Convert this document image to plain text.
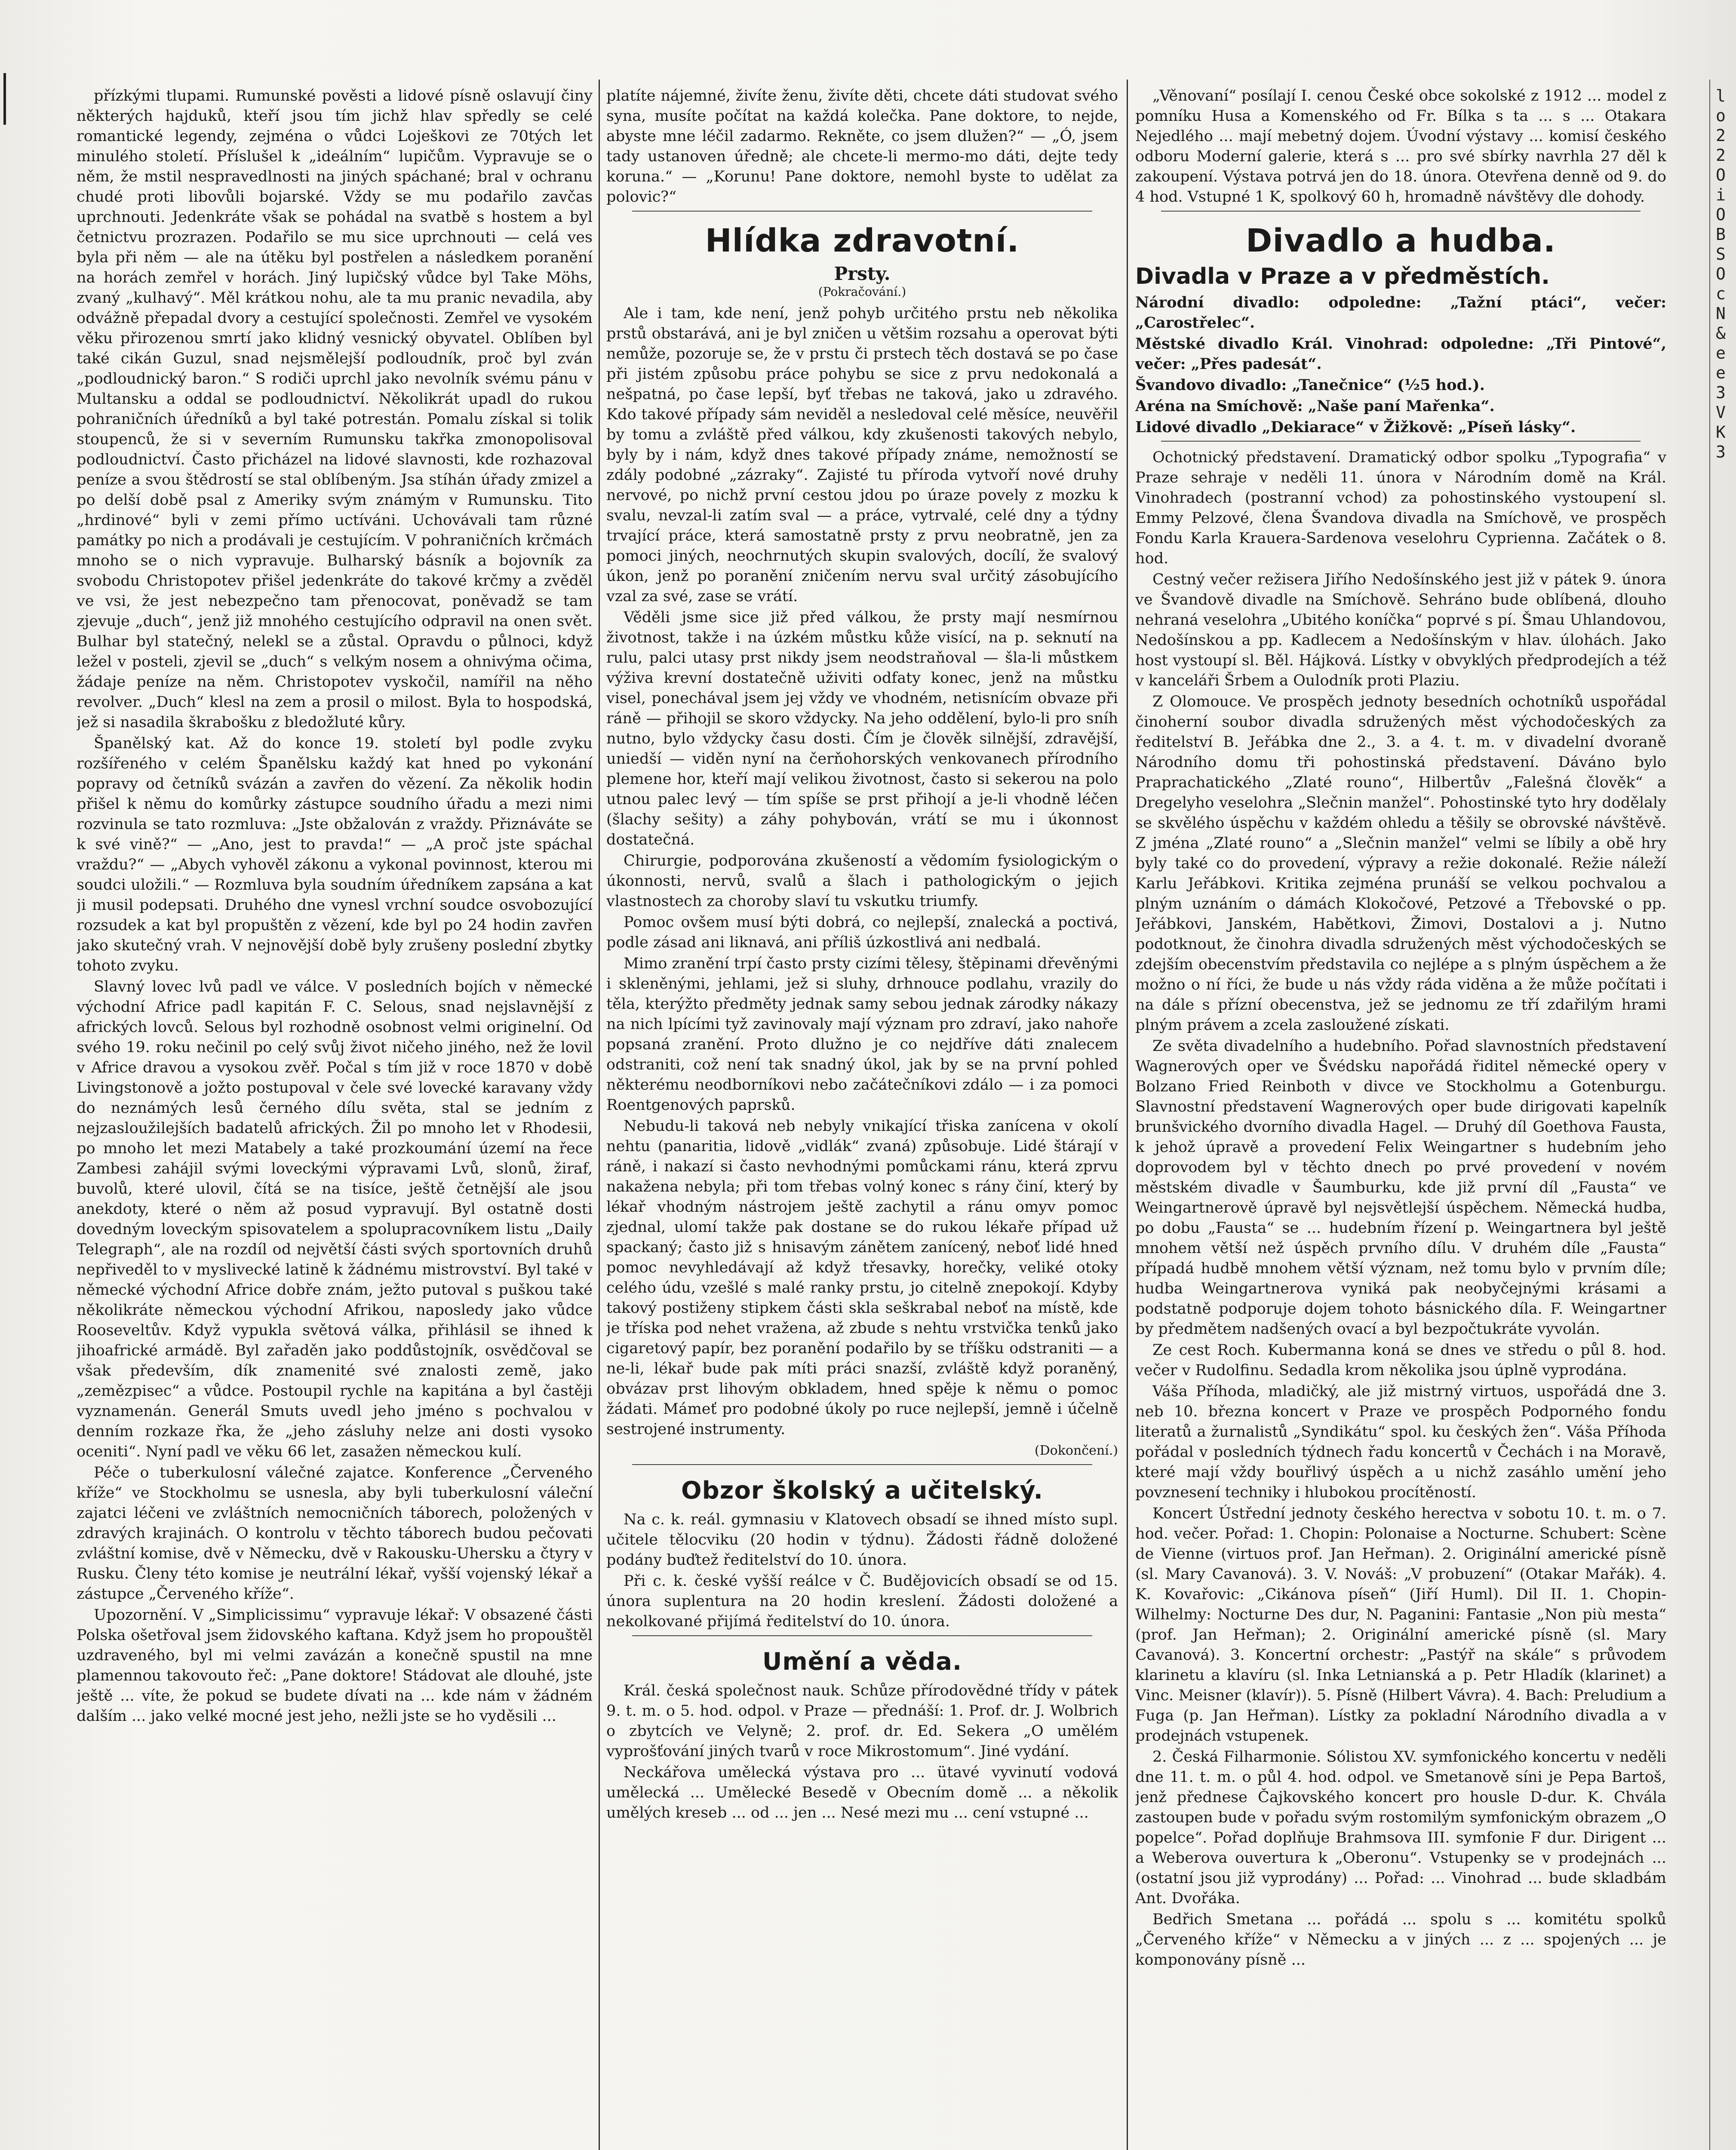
přízkými tlupami. Rumunské pověsti a lidové písně oslavují činy některých hajduků, kteří jsou tím jichž hlav spředly se celé romantické legendy, zejména o vůdci Loješkovi ze 70tých let minulého století. Příslušel k „ideálním“ lupičům. Vypravuje se o něm, že mstil nespravedlnosti na jiných spáchané; bral v ochranu chudé proti libovůli bojarské. Vždy se mu podařilo zavčas uprchnouti. Jedenkráte však se pohádal na svatbě s hostem a byl četnictvu prozrazen. Podařilo se mu sice uprchnouti — celá ves byla při něm — ale na útěku byl postřelen a následkem poranění na horách zemřel v horách. Jiný lupičský vůdce byl Take Möhs, zvaný „kulhavý“. Měl krátkou nohu, ale ta mu pranic nevadila, aby odvážně přepadal dvory a cestující společnosti. Zemřel ve vysokém věku přirozenou smrtí jako klidný vesnický obyvatel. Oblíben byl také cikán Guzul, snad nejsmělejší podloudník, proč byl zván „podloudnický baron.“ S rodiči uprchl jako nevolník svému pánu v Multansku a oddal se podloudnictví. Několikrát upadl do rukou pohraničních úředníků a byl také potrestán. Pomalu získal si tolik stoupenců, že si v severním Rumunsku takřka zmonopolisoval podloudnictví. Často přicházel na lidové slavnosti, kde rozhazoval peníze a svou štědrostí se stal oblíbeným. Jsa stíhán úřady zmizel a po delší době psal z Ameriky svým známým v Rumunsku. Tito „hrdinové“ byli v zemi přímo uctíváni. Uchovávali tam různé památky po nich a prodávali je cestujícím. V pohraničních krčmách mnoho se o nich vypravuje. Bulharský básník a bojovník za svobodu Christopotev přišel jedenkráte do takové krčmy a zvěděl ve vsi, že jest nebezpečno tam přenocovat, poněvadž se tam zjevuje „duch“, jenž již mnohého cestujícího odpravil na onen svět. Bulhar byl statečný, nelekl se a zůstal. Opravdu o půlnoci, když ležel v posteli, zjevil se „duch“ s velkým nosem a ohnivýma očima, žádaje peníze na něm. Christopotev vyskočil, namířil na něho revolver. „Duch“ klesl na zem a prosil o milost. Byla to hospodská, jež si nasadila škrabošku z bledožluté kůry.

Španělský kat. Až do konce 19. století byl podle zvyku rozšířeného v celém Španělsku každý kat hned po vykonání popravy od četníků svázán a zavřen do vězení. Za několik hodin přišel k němu do komůrky zástupce soudního úřadu a mezi nimi rozvinula se tato rozmluva: „Jste obžalován z vraždy. Přiznáváte se k své vině?“ — „Ano, jest to pravda!“ — „A proč jste spáchal vraždu?“ — „Abych vyhověl zákonu a vykonal povinnost, kterou mi soudci uložili.“ — Rozmluva byla soudním úředníkem zapsána a kat ji musil podepsati. Druhého dne vynesl vrchní soudce osvobozující rozsudek a kat byl propuštěn z vězení, kde byl po 24 hodin zavřen jako skutečný vrah. V nejnovější době byly zrušeny poslední zbytky tohoto zvyku.

Slavný lovec lvů padl ve válce. V posledních bojích v německé východní Africe padl kapitán F. C. Selous, snad nejslavnější z afrických lovců. Selous byl rozhodně osobnost velmi originelní. Od svého 19. roku nečinil po celý svůj život ničeho jiného, než že lovil v Africe dravou a vysokou zvěř. Počal s tím již v roce 1870 v době Livingstonově a jožto postupoval v čele své lovecké karavany vždy do neznámých lesů černého dílu světa, stal se jedním z nejzasloužilejších badatelů afrických. Žil po mnoho let v Rhodesii, po mnoho let mezi Matabely a také prozkoumání území na řece Zambesi zahájil svými loveckými výpravami Lvů, slonů, žiraf, buvolů, které ulovil, čítá se na tisíce, ještě četnější ale jsou anekdoty, které o něm až posud vypravují. Byl ostatně dosti dovedným loveckým spisovatelem a spolupracovníkem listu „Daily Telegraph“, ale na rozdíl od největší části svých sportovních druhů nepřiveděl to v myslivecké latině k žádnému mistrovství. Byl také v německé východní Africe dobře znám, ježto putoval s puškou také několikráte německou východní Afrikou, naposledy jako vůdce Rooseveltův. Když vypukla světová válka, přihlásil se ihned k jihoafrické armádě. Byl zařaděn jako poddůstojník, osvědčoval se však především, dík znamenité své znalosti země, jako „zemězpisec“ a vůdce. Postoupil rychle na kapitána a byl častěji vyznamenán. Generál Smuts uvedl jeho jméno s pochvalou v denním rozkaze řka, že „jeho zásluhy nelze ani dosti vysoko oceniti“. Nyní padl ve věku 66 let, zasažen německou kulí.

Péče o tuberkulosní válečné zajatce. Konference „Červeného kříže“ ve Stockholmu se usnesla, aby byli tuberkulosní váleční zajatci léčeni ve zvláštních nemocničních táborech, položených v zdravých krajinách. O kontrolu v těchto táborech budou pečovati zvláštní komise, dvě v Německu, dvě v Rakousku-Uhersku a čtyry v Rusku. Členy této komise je neutrální lékař, vyšší vojenský lékař a zástupce „Červeného kříže“.

Upozornění. V „Simplicissimu“ vypravuje lékař: V obsazené části Polska ošetřoval jsem židovského kaftana. Když jsem ho propouštěl uzdraveného, byl mi velmi zavázán a konečně spustil na mne plamennou takovouto řeč: „Pane doktore! Stádovat ale dlouhé, jste ještě ... víte, že pokud se budete dívati na ... kde nám v žádném dalším ... jako velké mocné jest jeho, nežli jste se ho vyděsili ...

platíte nájemné, živíte ženu, živíte děti, chcete dáti studovat svého syna, musíte počítat na každá kolečka. Pane doktore, to nejde, abyste mne léčil zadarmo. Rekněte, co jsem dlužen?“ — „Ó, jsem tady ustanoven úředně; ale chcete-li mermo-mo dáti, dejte tedy koruna.“ — „Korunu! Pane doktore, nemohl byste to udělat za polovic?“

Hlídka zdravotní.
Prsty.
(Pokračování.)

Ale i tam, kde není, jenž pohyb určitého prstu neb několika prstů obstarává, ani je byl zničen u většim rozsahu a operovat býti nemůže, pozoruje se, že v prstu či prstech těch dostavá se po čase při jistém způsobu práce pohybu se sice z prvu nedokonalá a nešpatná, po čase lepší, byť třebas ne taková, jako u zdravého. Kdo takové případy sám neviděl a nesledoval celé měsíce, neuvěřil by tomu a zvláště před válkou, kdy zkušenosti takových nebylo, byly by i nám, když dnes takové případy známe, nemožností se zdály podobné „zázraky“. Zajisté tu příroda vytvoří nové druhy nervové, po nichž první cestou jdou po úraze povely z mozku k svalu, nevzal-li zatím sval — a práce, vytrvalé, celé dny a týdny trvající práce, která samostatně prsty z prvu neobratně, jen za pomoci jiných, neochrnutých skupin svalových, docílí, že svalový úkon, jenž po poranění zničením nervu sval určitý zásobujícího vzal za své, zase se vrátí.

Věděli jsme sice již před válkou, že prsty mají nesmírnou životnost, takže i na úzkém můstku kůže visící, na p. seknutí na rulu, palci utasy prst nikdy jsem neodstraňoval — šla-li můstkem výživa krevní dostatečně uživiti odfaty konec, jenž na můstku visel, ponechával jsem jej vždy ve vhodném, netisnícím obvaze při ráně — přihojil se skoro vždycky. Na jeho oddělení, bylo-li pro sníh nutno, bylo vždycky času dosti. Čím je člověk silnější, zdravější, uniedší — viděn nyní na čerňohorských venkovanech přírodního plemene hor, kteří mají velikou životnost, často si sekerou na polo utnou palec levý — tím spíše se prst přihojí a je-li vhodně léčen (šlachy sešity) a záhy pohybován, vrátí se mu i úkonnost dostatečná.

Chirurgie, podporována zkušeností a vědomím fysiologickým o úkonnosti, nervů, svalů a šlach i pathologickým o jejich vlastnostech za choroby slaví tu vskutku triumfy.

Pomoc ovšem musí býti dobrá, co nejlepší, znalecká a poctivá, podle zásad ani liknavá, ani příliš úzkostlivá ani nedbalá.

Mimo zranění trpí často prsty cizími tělesy, štěpinami dřevěnými i skleněnými, jehlami, jež si sluhy, drhnouce podlahu, vrazily do těla, kterýžto předměty jednak samy sebou jednak zárodky nákazy na nich lpícími tyž zavinovaly mají význam pro zdraví, jako nahoře popsaná zranění. Proto dlužno je co nejdříve dáti znalecem odstraniti, což není tak snadný úkol, jak by se na první pohled některému neodborníkovi nebo začátečníkovi zdálo — i za pomoci Roentgenových paprsků.

Nebudu-li taková neb nebyly vnikající třiska zanícena v okolí nehtu (panaritia, lidově „vidlák“ zvaná) způsobuje. Lidé štárají v ráně, i nakazí si často nevhodnými pomůckami ránu, která zprvu nakažena nebyla; při tom třebas volný konec s rány činí, který by lékař vhodným nástrojem ještě zachytil a ránu omyv pomoc zjednal, ulomí takže pak dostane se do rukou lékaře případ už spackaný; často již s hnisavým zánětem zanícený, neboť lidé hned pomoc nevyhledávají až když třesavky, horečky, veliké otoky celého údu, vzešlé s malé ranky prstu, jo citelně znepokojí. Kdyby takový postiženy stipkem části skla seškrabal neboť na místě, kde je tříska pod nehet vražena, až zbude s nehtu vrstvička tenků jako cigaretový papír, bez poranění podařilo by se tříšku odstraniti — a ne-li, lékař bude pak míti práci snazší, zvláště když poraněný, obvázav prst lihovým obkladem, hned spěje k němu o pomoc žádati. Mámeť pro podobné úkoly po ruce nejlepší, jemně i účelně sestrojené instrumenty.

(Dokončení.)
Obzor školský a učitelský.

Na c. k. reál. gymnasiu v Klatovech obsadí se ihned místo supl. učitele tělocviku (20 hodin v týdnu). Žádosti řádně doložené podány buďtež ředitelství do 10. února.

Při c. k. české vyšší reálce v Č. Budějovicích obsadí se od 15. února suplentura na 20 hodin kreslení. Žádosti doložené a nekolkované přijímá ředitelství do 10. února.

Umění a věda.

Král. česká společnost nauk. Schůze přírodovědné třídy v pátek 9. t. m. o 5. hod. odpol. v Praze — přednáší: 1. Prof. dr. J. Wolbrich o zbytcích ve Velyně; 2. prof. dr. Ed. Sekera „O umělém vyprošťování jiných tvarů v roce Mikrostomum“. Jiné vydání.

Neckářova umělecká výstava pro ... ütavé vyvinutí vodová umělecká ... Umělecké Besedě v Obecním domě ... a několik umělých kreseb ... od ... jen ... Nesé mezi mu ... cení vstupné ...

„Věnovaní“ posílají I. cenou České obce sokolské z 1912 ... model z pomníku Husa a Komenského od Fr. Bílka s ta ... s ... Otakara Nejedlého ... mají mebetný dojem. Úvodní výstavy ... komisí českého odboru Moderní galerie, která s ... pro své sbírky navrhla 27 děl k zakoupení. Výstava potrvá jen do 18. února. Otevřena denně od 9. do 4 hod. Vstupné 1 K, spolkový 60 h, hromadně návštěvy dle dohody.

Divadlo a hudba.
Divadla v Praze a v předměstích.

Národní divadlo: odpoledne: „Tažní ptáci“, večer: „Carostřelec“.

Městské divadlo Král. Vinohrad: odpoledne: „Tři Pintové“, večer: „Přes padesát“.

Švandovo divadlo: „Tanečnice“ (½5 hod.).

Aréna na Smíchově: „Naše paní Mařenka“.

Lidové divadlo „Dekiarace“ v Žižkově: „Píseň lásky“.

Ochotnický představení. Dramatický odbor spolku „Typografia“ v Praze sehraje v neděli 11. února v Národním domě na Král. Vinohradech (postranní vchod) za pohostinského vystoupení sl. Emmy Pelzové, člena Švandova divadla na Smíchově, ve prospěch Fondu Karla Krauera-Sardenova veselohru Cyprienna. Začátek o 8. hod.

Cestný večer režisera Jiřího Nedošínského jest již v pátek 9. února ve Švandově divadle na Smíchově. Sehráno bude oblíbená, dlouho nehraná veselohra „Ubitého koníčka“ poprvé s pí. Šmau Uhlandovou, Nedošínskou a pp. Kadlecem a Nedošínským v hlav. úlohách. Jako host vystoupí sl. Běl. Hájková. Lístky v obvyklých předprodejích a též v kanceláři Šrbem a Oulodník proti Plaziu.

Z Olomouce. Ve prospěch jednoty besedních ochotníků uspořádal činoherní soubor divadla sdružených měst východočeských za ředitelství B. Jeřábka dne 2., 3. a 4. t. m. v divadelní dvoraně Národního domu tři pohostinská představení. Dáváno bylo Praprachatického „Zlaté rouno“, Hilbertův „Falešná člověk“ a Dregelyho veselohra „Slečnin manžel“. Pohostinské tyto hry dodělaly se skvělého úspěchu v každém ohledu a těšily se obrovské návštěvě. Z jména „Zlaté rouno“ a „Slečnin manžel“ velmi se líbily a obě hry byly také co do provedení, výpravy a režie dokonalé. Režie náleží Karlu Jeřábkovi. Kritika zejména prunáší se velkou pochvalou a plným uznáním o dámách Klokočové, Petzové a Třebovské o pp. Jeřábkovi, Janském, Habětkovi, Žimovi, Dostalovi a j. Nutno podotknout, že činohra divadla sdružených měst východočeských se zdejším obecenstvím představila co nejlépe a s plným úspěchem a že možno o ní říci, že bude u nás vždy ráda viděna a že může počítati i na dále s přízní obecenstva, jež se jednomu ze tří zdařilým hrami plným právem a zcela zasloužené získati.

Ze světa divadelního a hudebního. Pořad slavnostních představení Wagnerových oper ve Švédsku napořádá řiditel německé opery v Bolzano Fried Reinboth v divce ve Stockholmu a Gotenburgu. Slavnostní představení Wagnerových oper bude dirigovati kapelník brunšvického dvorního divadla Hagel. — Druhý díl Goethova Fausta, k jehož úpravě a provedení Felix Weingartner s hudebním jeho doprovodem byl v těchto dnech po prvé provedení v novém městském divadle v Šaumburku, kde již první díl „Fausta“ ve Weingartnerově úpravě byl nejsvětlejší úspěchem. Německá hudba, po dobu „Fausta“ se ... hudebním řízení p. Weingartnera byl ještě mnohem větší než úspěch prvního dílu. V druhém díle „Fausta“ případá hudbě mnohem větší význam, než tomu bylo v prvním díle; hudba Weingartnerova vyniká pak neobyčejnými krásami a podstatně podporuje dojem tohoto básnického díla. F. Weingartner by předmětem nadšených ovací a byl bezpočtukráte vyvolán.

Ze cest Roch. Kubermanna koná se dnes ve středu o půl 8. hod. večer v Rudolfinu. Sedadla krom několika jsou úplně vyprodána.

Váša Příhoda, mladičký, ale již mistrný virtuos, uspořádá dne 3. neb 10. března koncert v Praze ve prospěch Podporného fondu literatů a žurnalistů „Syndikátu“ spol. ku českých žen“. Váša Příhoda pořádal v posledních týdnech řadu koncertů v Čechách i na Moravě, které mají vždy bouřlivý úspěch a u nichž zasáhlo umění jeho povznesení techniky i hlubokou procítěností.

Koncert Ústřední jednoty českého herectva v sobotu 10. t. m. o 7. hod. večer. Pořad: 1. Chopin: Polonaise a Nocturne. Schubert: Scène de Vienne (virtuos prof. Jan Heřman). 2. Originální americké písně (sl. Mary Cavanová). 3. V. Nováš: „V probuzení“ (Otakar Mařák). 4. K. Kovařovic: „Cikánova píseň“ (Jiří Huml). Dil II. 1. Chopin-Wilhelmy: Nocturne Des dur, N. Paganini: Fantasie „Non più mesta“ (prof. Jan Heřman); 2. Originální americké písně (sl. Mary Cavanová). 3. Koncertní orchestr: „Pastýř na skále“ s průvodem klarinetu a klavíru (sl. Inka Letnianská a p. Petr Hladík (klarinet) a Vinc. Meisner (klavír)). 5. Písně (Hilbert Vávra). 4. Bach: Preludium a Fuga (p. Jan Heřman). Lístky za pokladní Národního divadla a v prodejnách vstupenek.

2. Česká Filharmonie. Sólistou XV. symfonického koncertu v neděli dne 11. t. m. o půl 4. hod. odpol. ve Smetanově síni je Pepa Bartoš, jenž přednese Čajkovského koncert pro housle D-dur. K. Chvála zastoupen bude v pořadu svým rostomilým symfonickým obrazem „O popelce“. Pořad doplňuje Brahmsova III. symfonie F dur. Dirigent ... a Weberova ouvertura k „Oberonu“. Vstupenky se v prodejnách ... (ostatní jsou již vyprodány) ... Pořad: ... Vinohrad ... bude skladbám Ant. Dvořáka.

Bedřich Smetana ... pořádá ... spolu s ... komitétu spolků „Červeného kříže“ v Německu a v jiných ... z ... spojených ... je komponovány písně ...

lo 22 O i O B S O c N & e e 3 V K 3
